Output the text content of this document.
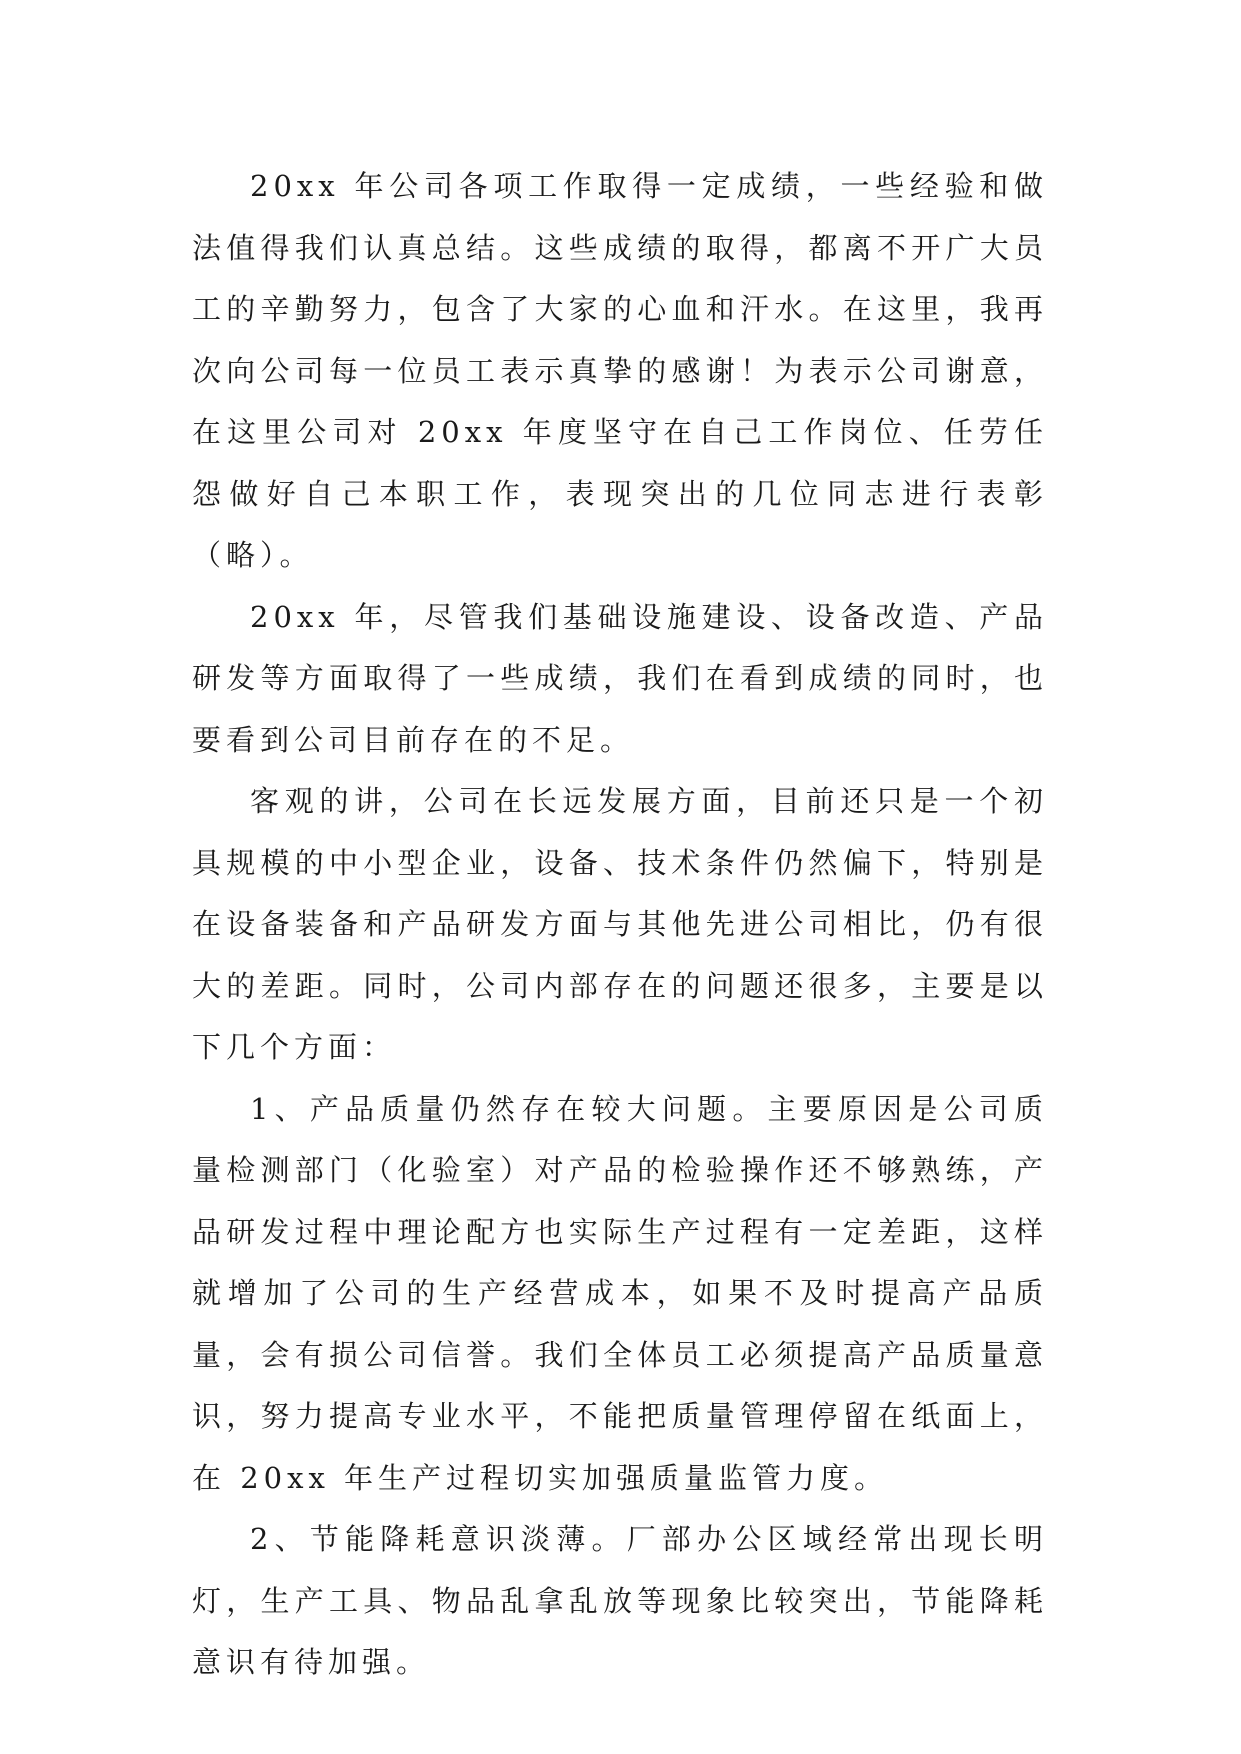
20xx 年公司各项工作取得一定成绩，一些经验和做法值得我们认真总结。这些成绩的取得，都离不开广大员工的辛勤努力，包含了大家的心血和汗水。在这里，我再次向公司每一位员工表示真挚的感谢！为表示公司谢意，在这里公司对 20xx 年度坚守在自己工作岗位、任劳任怨做好自己本职工作，表现突出的几位同志进行表彰（略）。

20xx 年，尽管我们基础设施建设、设备改造、产品研发等方面取得了一些成绩，我们在看到成绩的同时，也要看到公司目前存在的不足。

客观的讲，公司在长远发展方面，目前还只是一个初具规模的中小型企业，设备、技术条件仍然偏下，特别是在设备装备和产品研发方面与其他先进公司相比，仍有很大的差距。同时，公司内部存在的问题还很多，主要是以下几个方面：

1、产品质量仍然存在较大问题。主要原因是公司质量检测部门（化验室）对产品的检验操作还不够熟练，产品研发过程中理论配方也实际生产过程有一定差距，这样就增加了公司的生产经营成本，如果不及时提高产品质量，会有损公司信誉。我们全体员工必须提高产品质量意识，努力提高专业水平，不能把质量管理停留在纸面上，在 20xx 年生产过程切实加强质量监管力度。

2、节能降耗意识淡薄。厂部办公区域经常出现长明灯，生产工具、物品乱拿乱放等现象比较突出，节能降耗意识有待加强。
